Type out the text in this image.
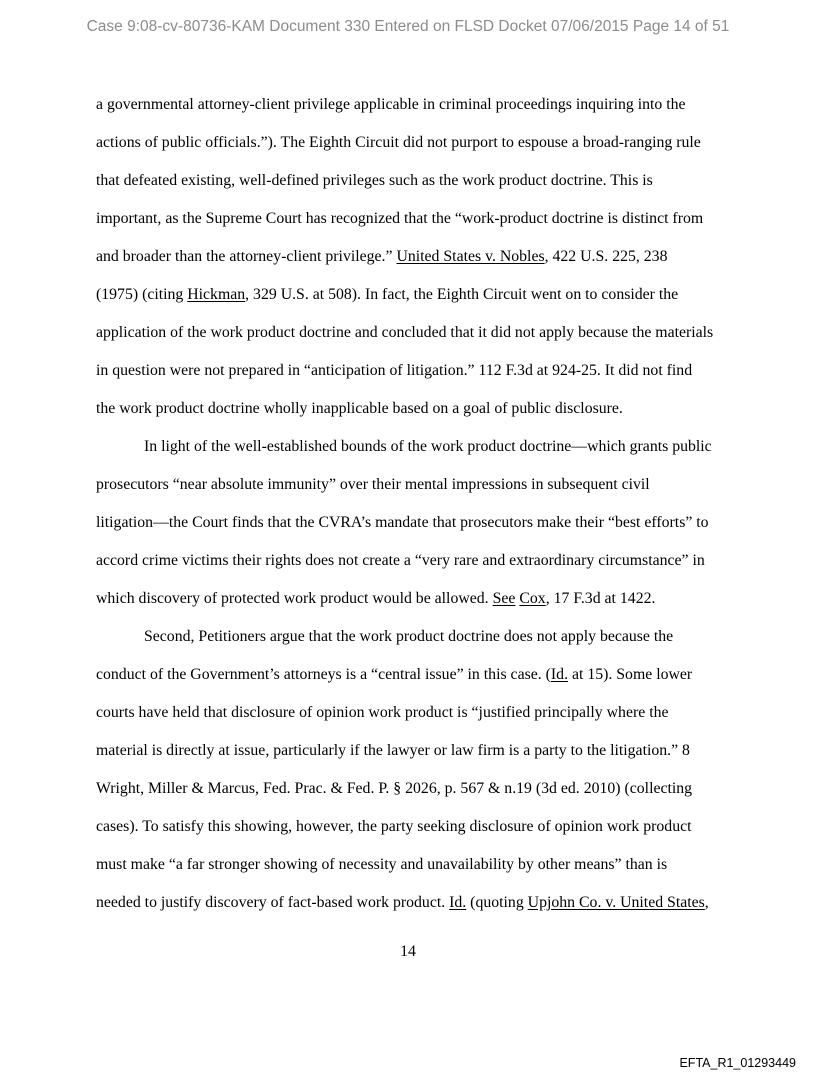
Case 9:08-cv-80736-KAM Document 330 Entered on FLSD Docket 07/06/2015 Page 14 of 51
a governmental attorney-client privilege applicable in criminal proceedings inquiring into the
actions of public officials.”). The Eighth Circuit did not purport to espouse a broad-ranging rule
that defeated existing, well-defined privileges such as the work product doctrine. This is
important, as the Supreme Court has recognized that the “work-product doctrine is distinct from
and broader than the attorney-client privilege.” United States v. Nobles, 422 U.S. 225, 238
(1975) (citing Hickman, 329 U.S. at 508). In fact, the Eighth Circuit went on to consider the
application of the work product doctrine and concluded that it did not apply because the materials
in question were not prepared in “anticipation of litigation.” 112 F.3d at 924-25. It did not find
the work product doctrine wholly inapplicable based on a goal of public disclosure.
In light of the well-established bounds of the work product doctrine—which grants public
prosecutors “near absolute immunity” over their mental impressions in subsequent civil
litigation—the Court finds that the CVRA’s mandate that prosecutors make their “best efforts” to
accord crime victims their rights does not create a “very rare and extraordinary circumstance” in
which discovery of protected work product would be allowed. See Cox, 17 F.3d at 1422.
Second, Petitioners argue that the work product doctrine does not apply because the
conduct of the Government’s attorneys is a “central issue” in this case. (Id. at 15). Some lower
courts have held that disclosure of opinion work product is “justified principally where the
material is directly at issue, particularly if the lawyer or law firm is a party to the litigation.” 8
Wright, Miller & Marcus, Fed. Prac. & Fed. P. § 2026, p. 567 & n.19 (3d ed. 2010) (collecting
cases). To satisfy this showing, however, the party seeking disclosure of opinion work product
must make “a far stronger showing of necessity and unavailability by other means” than is
needed to justify discovery of fact-based work product. Id. (quoting Upjohn Co. v. United States,
14
EFTA_R1_01293449
